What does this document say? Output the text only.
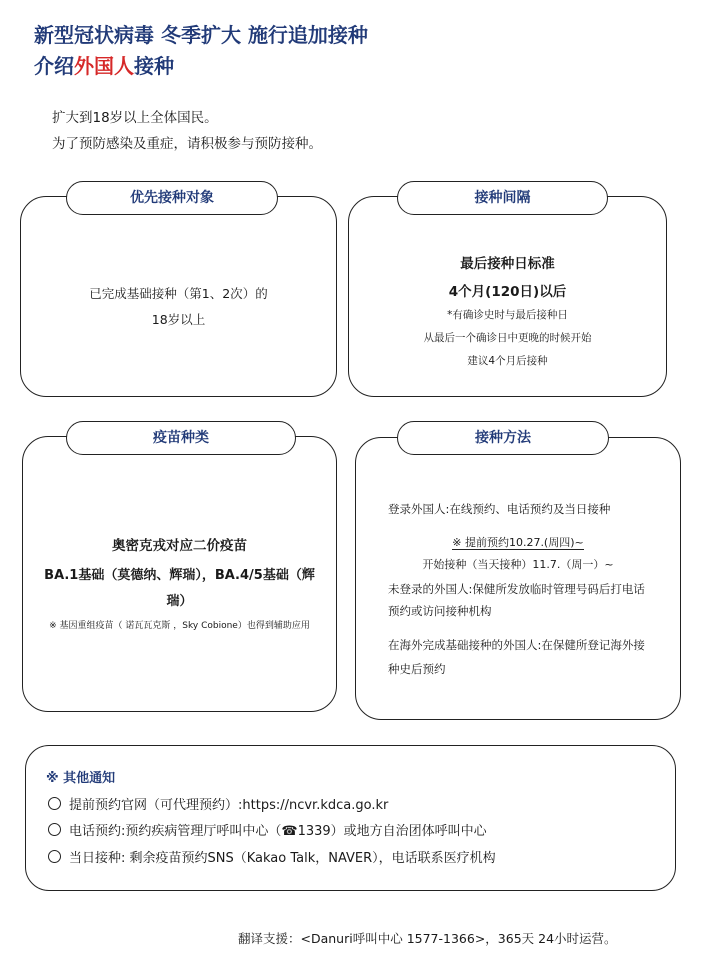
新型冠状病毒 冬季扩大 施行追加接种
介绍外国人接种
扩大到18岁以上全体国民。
为了预防感染及重症，请积极参与预防接种。
优先接种对象
已完成基础接种（第1、2次）的
18岁以上
接种间隔
最后接种日标准
4个月(120日)以后
*有确诊史时与最后接种日
从最后一个确诊日中更晚的时候开始
建议4个月后接种
疫苗种类
奥密克戎对应二价疫苗
BA.1基础（莫德纳、辉瑞），BA.4/5基础（辉
瑞）
※ 基因重组疫苗（ 诺瓦瓦克斯 ，Sky Cobione）也得到辅助应用
接种方法
登录外国人:在线预约、电话预约及当日接种
※ 提前预约10.27.(周四)~
开始接种（当天接种）11.7.（周一）~
未登录的外国人:保健所发放临时管理号码后打电话
预约或访问接种机构
在海外完成基础接种的外国人:在保健所登记海外接
种史后预约
※ 其他通知
提前预约官网（可代理预约）:https://ncvr.kdca.go.kr
电话预约:预约疾病管理厅呼叫中心（☎1339）或地方自治团体呼叫中心
当日接种: 剩余疫苗预约SNS（Kakao Talk，NAVER），电话联系医疗机构
翻译支援：<Danuri呼叫中心 1577-1366>，365天 24小时运营。
